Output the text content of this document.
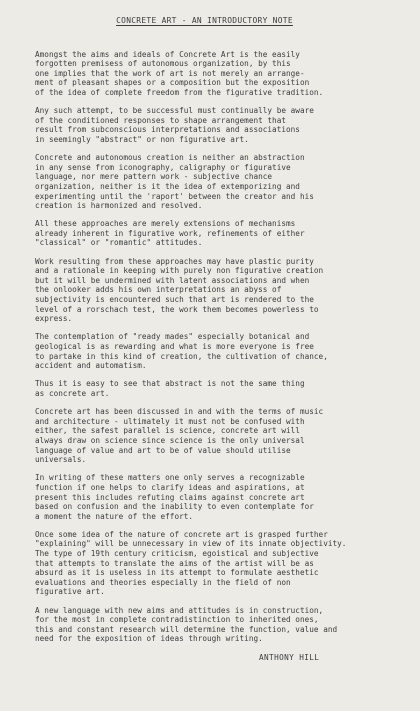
CONCRETE ART - AN INTRODUCTORY NOTE
Amongst the aims and ideals of Concrete Art is the easily
forgotten premisess of autonomous organization, by this
one implies that the work of art is not merely an arrange-
ment of pleasant shapes or a composition but the exposition
of the idea of complete freedom from the figurative tradition.
Any such attempt, to be successful must continually be aware
of the conditioned responses to shape arrangement that
result from subconscious interpretations and associations
in seemingly "abstract" or non figurative art.
Concrete and autonomous creation is neither an abstraction
in any sense from iconography, caligraphy or figurative
language, nor mere pattern work - subjective chance
organization, neither is it the idea of extemporizing and
experimenting until the 'raport' between the creator and his
creation is harmonized and resolved.
All these approaches are merely extensions of mechanisms
already inherent in figurative work, refinements of either
"classical" or "romantic" attitudes.
Work resulting from these approaches may have plastic purity
and a rationale in keeping with purely non figurative creation
but it will be undermined with latent associations and when
the onlooker adds his own interpretations an abyss of
subjectivity is encountered such that art is rendered to the
level of a rorschach test, the work them becomes powerless to
express.
The contemplation of "ready mades" especially botanical and
geological is as rewarding and what is more everyone is free
to partake in this kind of creation, the cultivation of chance,
accident and automatism.
Thus it is easy to see that abstract is not the same thing
as concrete art.
Concrete art has been discussed in and with the terms of music
and architecture - ultimately it must not be confused with
either, the safest parallel is science, concrete art will
always draw on science since science is the only universal
language of value and art to be of value should utilise
universals.
In writing of these matters one only serves a recognizable
function if one helps to clarify ideas and aspirations, at
present this includes refuting claims against concrete art
based on confusion and the inability to even contemplate for
a moment the nature of the effort.
Once some idea of the nature of concrete art is grasped further
"explaining" will be unnecessary in view of its innate objectivity.
The type of 19th century criticism, egoistical and subjective
that attempts to translate the aims of the artist will be as
absurd as it is useless in its attempt to formulate aesthetic
evaluations and theories especially in the field of non
figurative art.
A new language with new aims and attitudes is in construction,
for the most in complete contradistinction to inherited ones,
this and constant research will determine the function, value and
need for the exposition of ideas through writing.
ANTHONY HILL
